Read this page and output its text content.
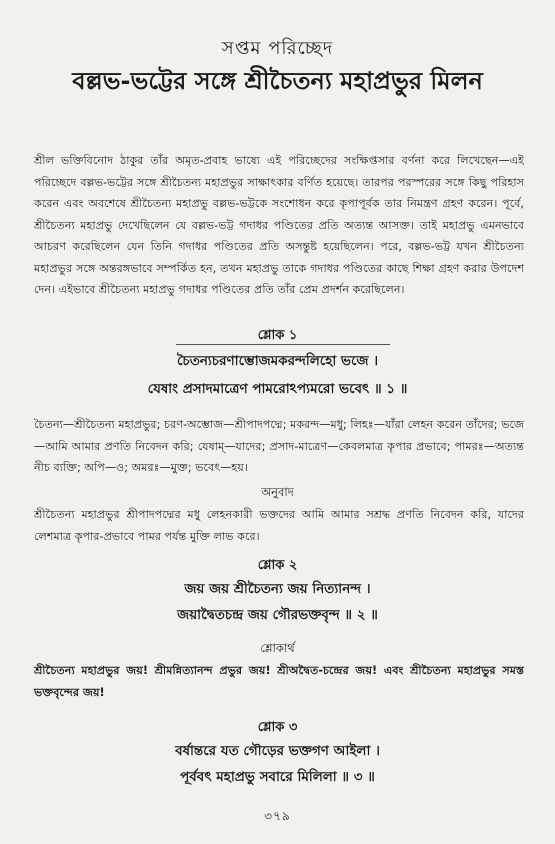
সপ্তম পরিচ্ছেদ
বল্লভ-ভট্টের সঙ্গে শ্রীচৈতন্য মহাপ্রভুর মিলন
শ্রীল ভক্তিবিনোদ ঠাকুর তাঁর অমৃত-প্রবাহ ভাষ্যে এই পরিচ্ছেদের সংক্ষিপ্তসার বর্ণনা করে লিখেছেন—এই পরিচ্ছেদে বল্লভ-ভট্টের সঙ্গে শ্রীচৈতন্য মহাপ্রভুর সাক্ষাৎকার বর্ণিত হয়েছে। তারপর পরস্পরের সঙ্গে কিছু পরিহাস করেন এবং অবশেষে শ্রীচৈতন্য মহাপ্রভু বল্লভ-ভট্টকে সংশোধন করে কৃপাপূর্বক তার নিমন্ত্রণ গ্রহণ করেন। পূর্বে, শ্রীচৈতন্য মহাপ্রভু দেখেছিলেন যে বল্লভ-ভট্ট গদাধর পণ্ডিতের প্রতি অত্যন্ত আসক্ত। তাই মহাপ্রভু এমনভাবে আচরণ করেছিলেন যেন তিনি গদাধর পণ্ডিতের প্রতি অসন্তুষ্ট হয়েছিলেন। পরে, বল্লভ-ভট্ট যখন শ্রীচৈতন্য মহাপ্রভুর সঙ্গে অন্তরঙ্গভাবে সম্পর্কিত হন, তখন মহাপ্রভু তাকে গদাধর পণ্ডিতের কাছে শিক্ষা গ্রহণ করার উপদেশ দেন। এইভাবে শ্রীচৈতন্য মহাপ্রভু গদাধর পণ্ডিতের প্রতি তাঁর প্রেম প্রদর্শন করেছিলেন।
শ্লোক ১
চৈতন্যচরণাম্ভোজমকরন্দলিহো ভজে ।
যেষাং প্রসাদমাত্রেণ পামরোঽপ্যমরো ভবেৎ ॥ ১ ॥
চৈতন্য—শ্রীচৈতন্য মহাপ্রভুর; চরণ-অম্ভোজ—শ্রীপাদপদ্মে; মকরন্দ—মধু; লিহঃ—যাঁরা লেহন করেন তাঁদের; ভজে—আমি আমার প্রণতি নিবেদন করি; যেষাম্—যাদের; প্রসাদ-মাত্রেণ—কেবলমাত্র কৃপার প্রভাবে; পামরঃ—অত্যন্ত নীচ ব্যক্তি; অপি—ও; অমরঃ—মুক্ত; ভবেৎ—হয়।
অনুবাদ
শ্রীচৈতন্য মহাপ্রভুর শ্রীপাদপদ্মের মধু লেহনকারী ভক্তদের আমি আমার সশ্রদ্ধ প্রণতি নিবেদন করি, যাদের লেশমাত্র কৃপার-প্রভাবে পামর পর্যন্ত মুক্তি লাভ করে।
শ্লোক ২
জয় জয় শ্রীচৈতন্য জয় নিত্যানন্দ ।
জয়াদ্বৈতচন্দ্র জয় গৌরভক্তবৃন্দ ॥ ২ ॥
শ্লোকার্থ
শ্রীচৈতন্য মহাপ্রভুর জয়! শ্রীমন্নিত্যানন্দ প্রভুর জয়! শ্রীঅদ্বৈত-চন্দ্রের জয়! এবং শ্রীচৈতন্য মহাপ্রভুর সমস্ত ভক্তবৃন্দের জয়!
শ্লোক ৩
বর্ষান্তরে যত গৌড়ের ভক্তগণ আইলা ।
পূর্ববৎ মহাপ্রভু সবারে মিলিলা ॥ ৩ ॥
৩৭৯
